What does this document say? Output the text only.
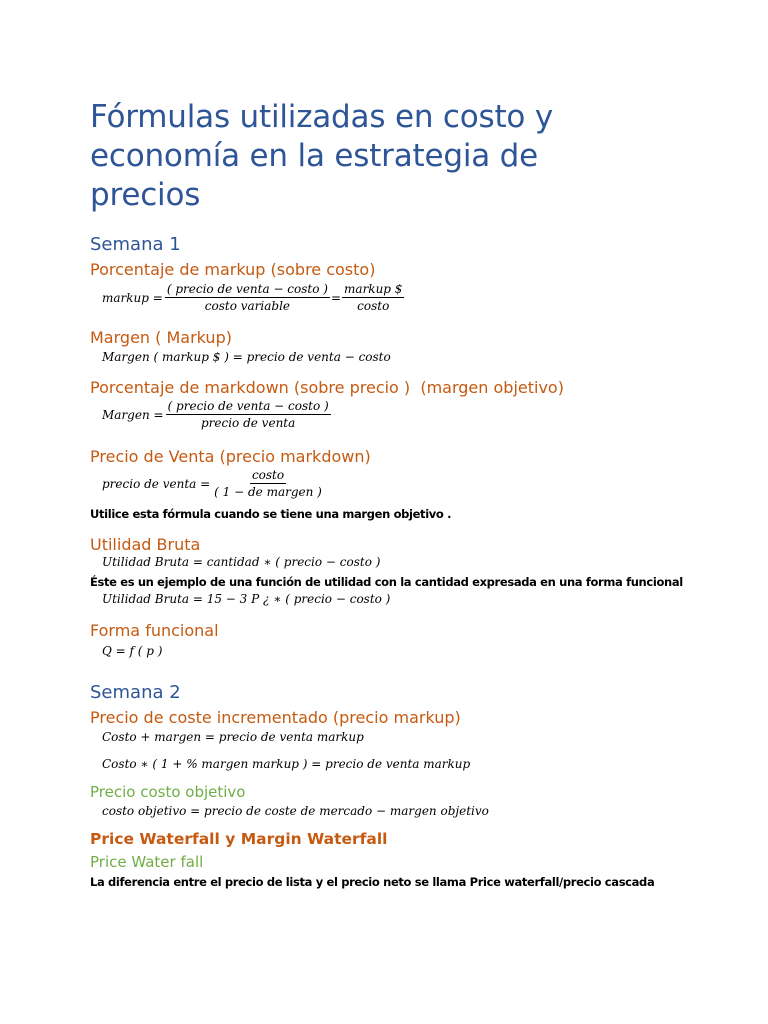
Fórmulas utilizadas en costo y economía en la estrategia de precios
Semana 1
Porcentaje de markup (sobre costo)
markup = $\frac{\text{( precio de venta − costo )}}{\text{costo variable}} = \frac{\text{markup \$}}{\text{costo}}$
Margen ( Markup)
Margen ( markup $ ) = precio de venta − costo
Porcentaje de markdown (sobre precio )  (margen objetivo)
Margen = $\frac{\text{( precio de venta − costo )}}{\text{precio de venta}}$
Precio de Venta (precio markdown)
precio de venta = $\frac{\text{costo}}{\text{( 1 − de margen )}}$

Utilice esta fórmula cuando se tiene una margen objetivo .

Utilidad Bruta
Utilidad Bruta = cantidad ∗ ( precio − costo )

Éste es un ejemplo de una función de utilidad con la cantidad expresada en una forma funcional

Utilidad Bruta = 15 − 3 P ¿ ∗ ( precio − costo )
Forma funcional
Q = f ( p )
Semana 2
Precio de coste incrementado (precio markup)
Costo + margen = precio de venta markup
Costo ∗ ( 1 + % margen markup ) = precio de venta markup
Precio costo objetivo
costo objetivo = precio de coste de mercado − margen objetivo
Price Waterfall y Margin Waterfall
Price Water fall

La diferencia entre el precio de lista y el precio neto se llama Price waterfall/precio cascada
